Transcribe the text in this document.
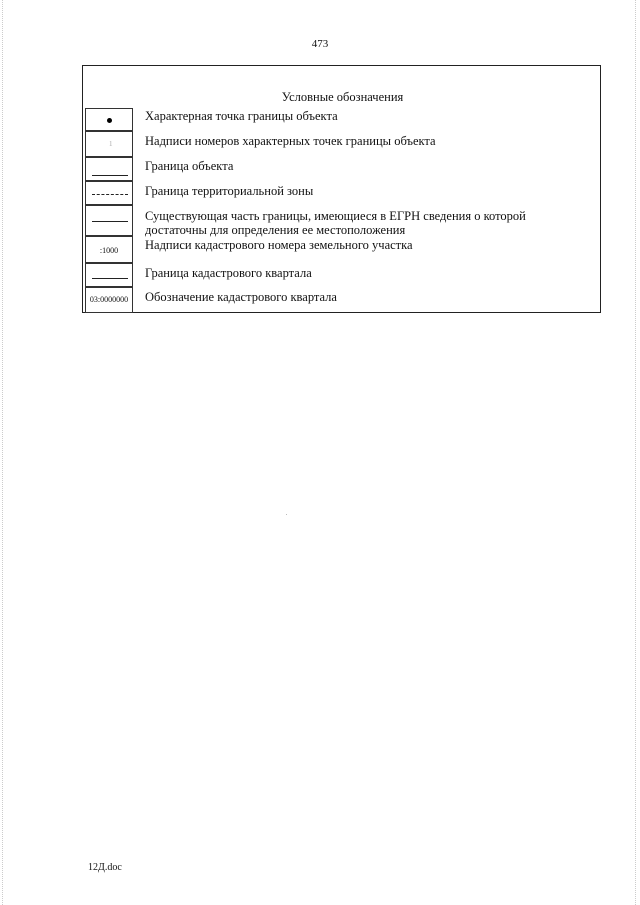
473
Условные обозначения
Характерная точка границы объекта
1	Надписи номеров характерных точек границы объекта
Граница объекта
Граница территориальной зоны
Существующая часть границы, имеющиеся в ЕГРН сведения о которой
достаточны для определения ее местоположения
:1000	Надписи кадастрового номера земельного участка
Граница кадастрового квартала
03:0000000	Обозначение кадастрового квартала
12Д.doc
